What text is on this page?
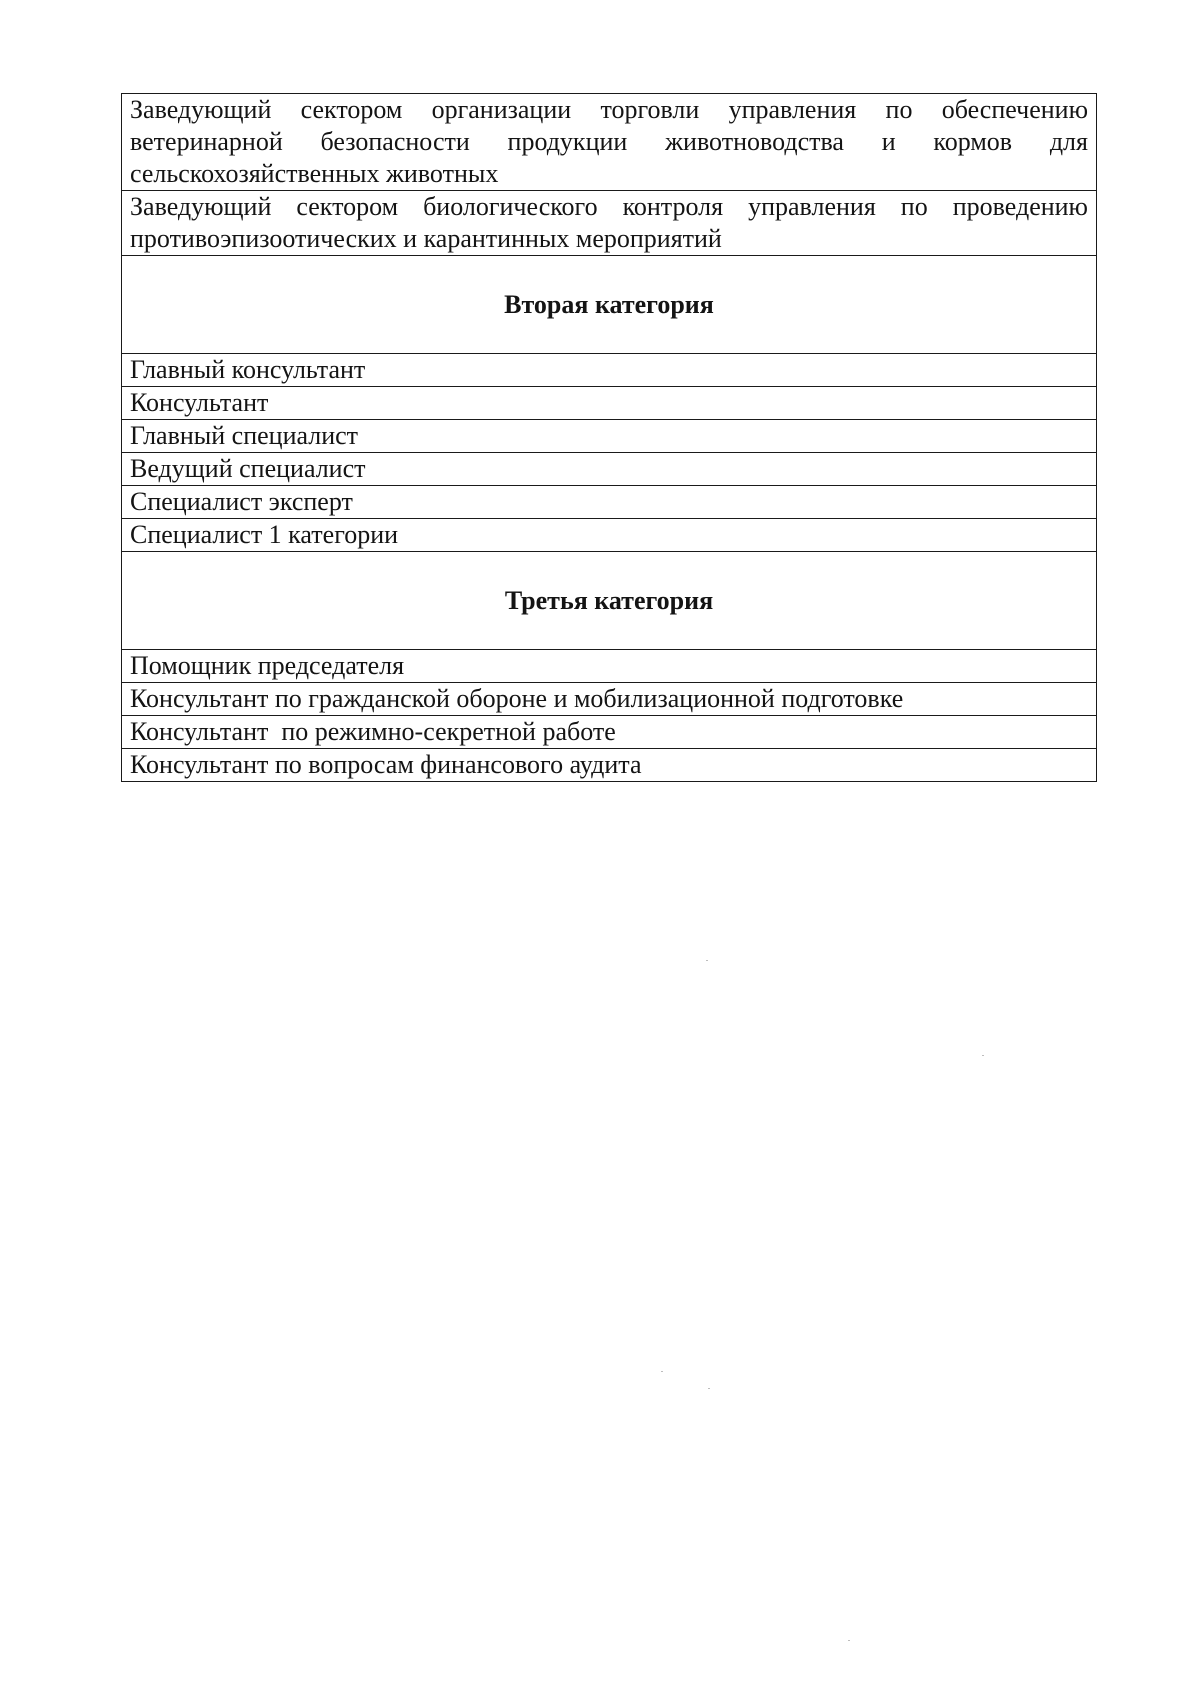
Заведующий сектором организации торговли управления по обеспечению ветеринарной безопасности продукции животноводства и кормов для сельскохозяйственных животных
Заведующий сектором биологического контроля управления по проведению противоэпизоотических и карантинных мероприятий
Вторая категория
Главный консультант
Консультант
Главный специалист
Ведущий специалист
Специалист эксперт
Специалист 1 категории
Третья категория
Помощник председателя
Консультант по гражданской обороне и мобилизационной подготовке
Консультант  по режимно-секретной работе
Консультант по вопросам финансового аудита
